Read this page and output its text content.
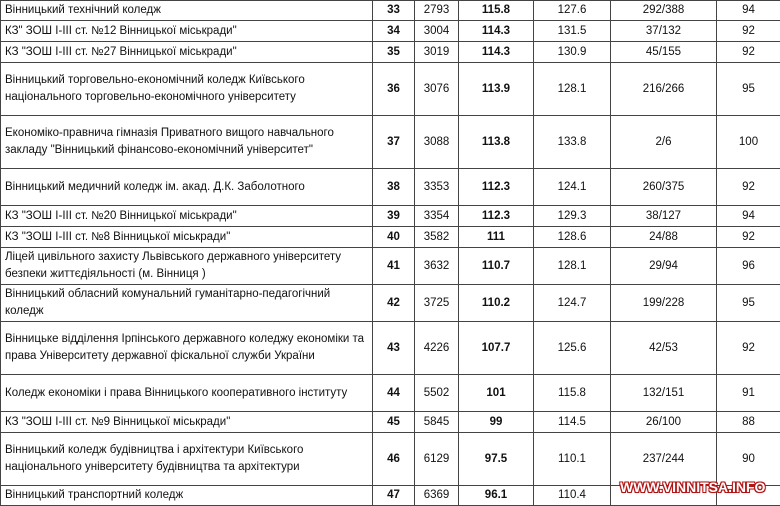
Вінницький технічний коледж	33	2793	115.8	127.6	292/388	94
КЗ" ЗОШ І-ІІІ ст. №12 Вінницької міськради"	34	3004	114.3	131.5	37/132	92
КЗ "ЗОШ І-ІІІ ст. №27 Вінницької міськради"	35	3019	114.3	130.9	45/155	92
Вінницький торговельно-економічний коледж Київського національного торговельно-економічного університету	36	3076	113.9	128.1	216/266	95
Економіко-правнича гімназія Приватного вищого навчального закладу "Вінницький фінансово-економічний університет"	37	3088	113.8	133.8	2/6	100
Вінницький медичний коледж ім. акад. Д.К. Заболотного	38	3353	112.3	124.1	260/375	92
КЗ "ЗОШ І-ІІІ ст. №20 Вінницької міськради"	39	3354	112.3	129.3	38/127	94
КЗ "ЗОШ І-ІІІ ст. №8 Вінницької міськради"	40	3582	111	128.6	24/88	92
Ліцей цивільного захисту Львівського державного університету безпеки життєдіяльності (м. Вінниця )	41	3632	110.7	128.1	29/94	96
Вінницький обласний комунальний гуманітарно-педагогічний коледж	42	3725	110.2	124.7	199/228	95
Вінницьке відділення Ірпінського державного коледжу економіки та права Університету державної фіскальної служби України	43	4226	107.7	125.6	42/53	92
Коледж економіки і права Вінницького кооперативного інституту	44	5502	101	115.8	132/151	91
КЗ "ЗОШ І-ІІІ ст. №9 Вінницької міськради"	45	5845	99	114.5	26/100	88
Вінницький коледж будівництва і архітектури Київського національного університету будівництва та архітектури	46	6129	97.5	110.1	237/244	90
Вінницький транспортний коледж	47	6369	96.1	110.4		WWW.VINNITSA.INFO
